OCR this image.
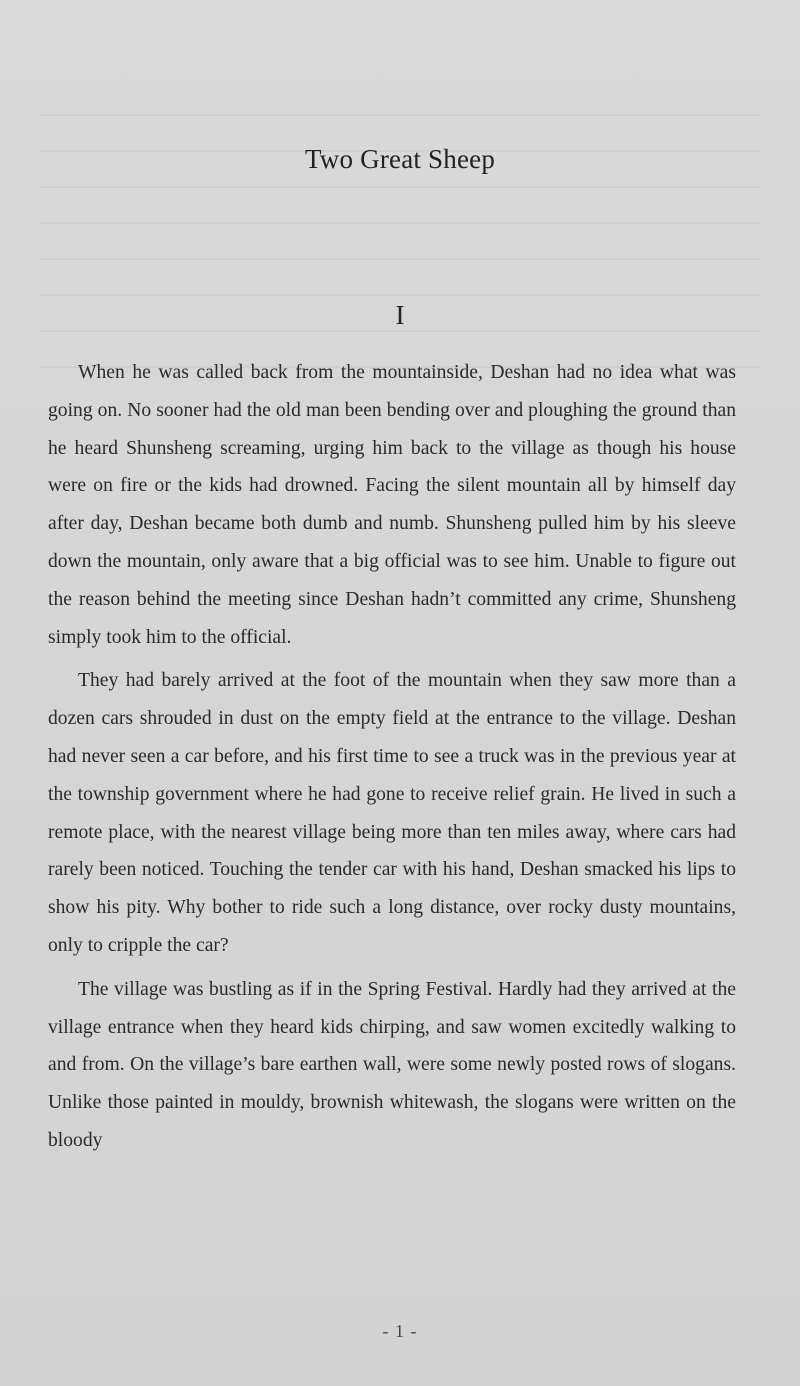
Two Great Sheep
I

When he was called back from the mountainside, Deshan had no idea what was going on. No sooner had the old man been bending over and ploughing the ground than he heard Shunsheng screaming, urging him back to the village as though his house were on fire or the kids had drowned. Facing the silent mountain all by himself day after day, Deshan became both dumb and numb. Shunsheng pulled him by his sleeve down the mountain, only aware that a big official was to see him. Unable to figure out the reason behind the meeting since Deshan hadn’t committed any crime, Shunsheng simply took him to the official.

They had barely arrived at the foot of the mountain when they saw more than a dozen cars shrouded in dust on the empty field at the entrance to the village. Deshan had never seen a car before, and his first time to see a truck was in the previous year at the township government where he had gone to receive relief grain. He lived in such a remote place, with the nearest village being more than ten miles away, where cars had rarely been noticed. Touching the tender car with his hand, Deshan smacked his lips to show his pity. Why bother to ride such a long distance, over rocky dusty mountains, only to cripple the car?

The village was bustling as if in the Spring Festival. Hardly had they arrived at the village entrance when they heard kids chirping, and saw women excitedly walking to and from. On the village’s bare earthen wall, were some newly posted rows of slogans. Unlike those painted in mouldy, brownish whitewash, the slogans were written on the bloody

- 1 -
